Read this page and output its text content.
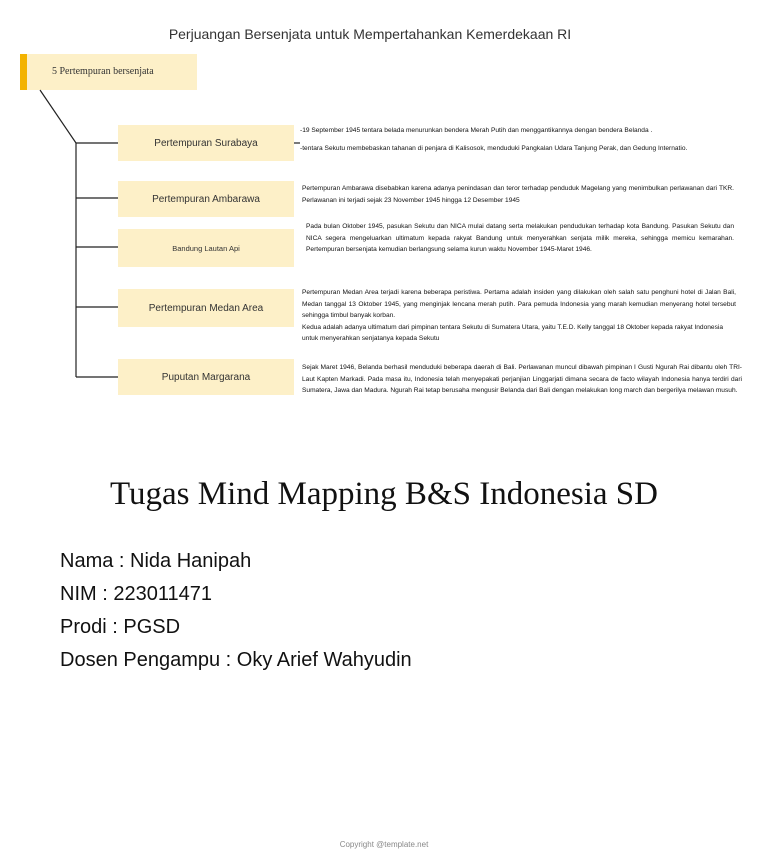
Perjuangan Bersenjata untuk Mempertahankan Kemerdekaan RI
5 Pertempuran bersenjata
Pertempuran Surabaya

-19 September 1945 tentara belada menurunkan bendera Merah Putih dan menggantikannya dengan bendera Belanda .

-tentara Sekutu membebaskan tahanan di penjara di Kalisosok, menduduki Pangkalan Udara Tanjung Perak, dan Gedung Internatio.

Pertempuran Ambarawa

Pertempuran Ambarawa disebabkan karena adanya penindasan dan teror terhadap penduduk Magelang yang menimbulkan perlawanan dari TKR. Perlawanan ini terjadi sejak 23 November 1945 hingga 12 Desember 1945

Bandung Lautan Api

Pada bulan Oktober 1945, pasukan Sekutu dan NICA mulai datang serta melakukan pendudukan terhadap kota Bandung. Pasukan Sekutu dan NICA segera mengeluarkan ultimatum kepada rakyat Bandung untuk menyerahkan senjata milik mereka, sehingga memicu kemarahan. Pertempuran bersenjata kemudian berlangsung selama kurun waktu November 1945-Maret 1946.

Pertempuran Medan Area

Pertempuran Medan Area terjadi karena beberapa peristiwa. Pertama adalah insiden yang dilakukan oleh salah satu penghuni hotel di Jalan Bali, Medan tanggal 13 Oktober 1945, yang menginjak lencana merah putih. Para pemuda Indonesia yang marah kemudian menyerang hotel tersebut sehingga timbul banyak korban.

Kedua adalah adanya ultimatum dari pimpinan tentara Sekutu di Sumatera Utara, yaitu T.E.D. Kelly tanggal 18 Oktober kepada rakyat Indonesia untuk menyerahkan senjatanya kepada Sekutu

Puputan Margarana

Sejak Maret 1946, Belanda berhasil menduduki beberapa daerah di Bali. Perlawanan muncul dibawah pimpinan I Gusti Ngurah Rai dibantu oleh TRI-Laut Kapten Markadi. Pada masa itu, Indonesia telah menyepakati perjanjian Linggarjati dimana secara de facto wilayah Indonesia hanya terdiri dari Sumatera, Jawa dan Madura. Ngurah Rai tetap berusaha mengusir Belanda dari Bali dengan melakukan long march dan bergerilya melawan musuh.

Tugas Mind Mapping B&S Indonesia SD
Nama : Nida Hanipah
NIM : 223011471
Prodi : PGSD
Dosen Pengampu : Oky Arief Wahyudin
Copyright @template.net
